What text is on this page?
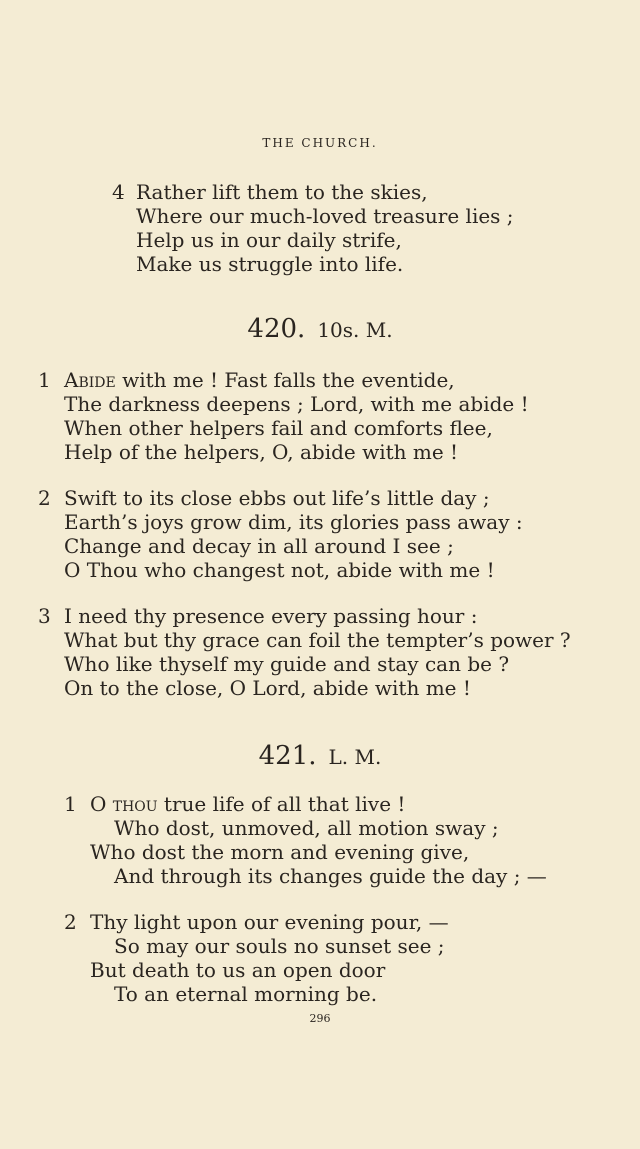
THE CHURCH.
4 Rather lift them to the skies,
Where our much-loved treasure lies ;
Help us in our daily strife,
Make us struggle into life.
420. 10s. M.
1 Abide with me ! Fast falls the eventide,
The darkness deepens ; Lord, with me abide !
When other helpers fail and comforts flee,
Help of the helpers, O, abide with me !
2 Swift to its close ebbs out life’s little day ;
Earth’s joys grow dim, its glories pass away :
Change and decay in all around I see ;
O Thou who changest not, abide with me !
3 I need thy presence every passing hour :
What but thy grace can foil the tempter’s power ?
Who like thyself my guide and stay can be ?
On to the close, O Lord, abide with me !
421. L. M.
1 O thou true life of all that live !
Who dost, unmoved, all motion sway ;
Who dost the morn and evening give,
And through its changes guide the day ; —
2 Thy light upon our evening pour, —
So may our souls no sunset see ;
But death to us an open door
To an eternal morning be.
296
